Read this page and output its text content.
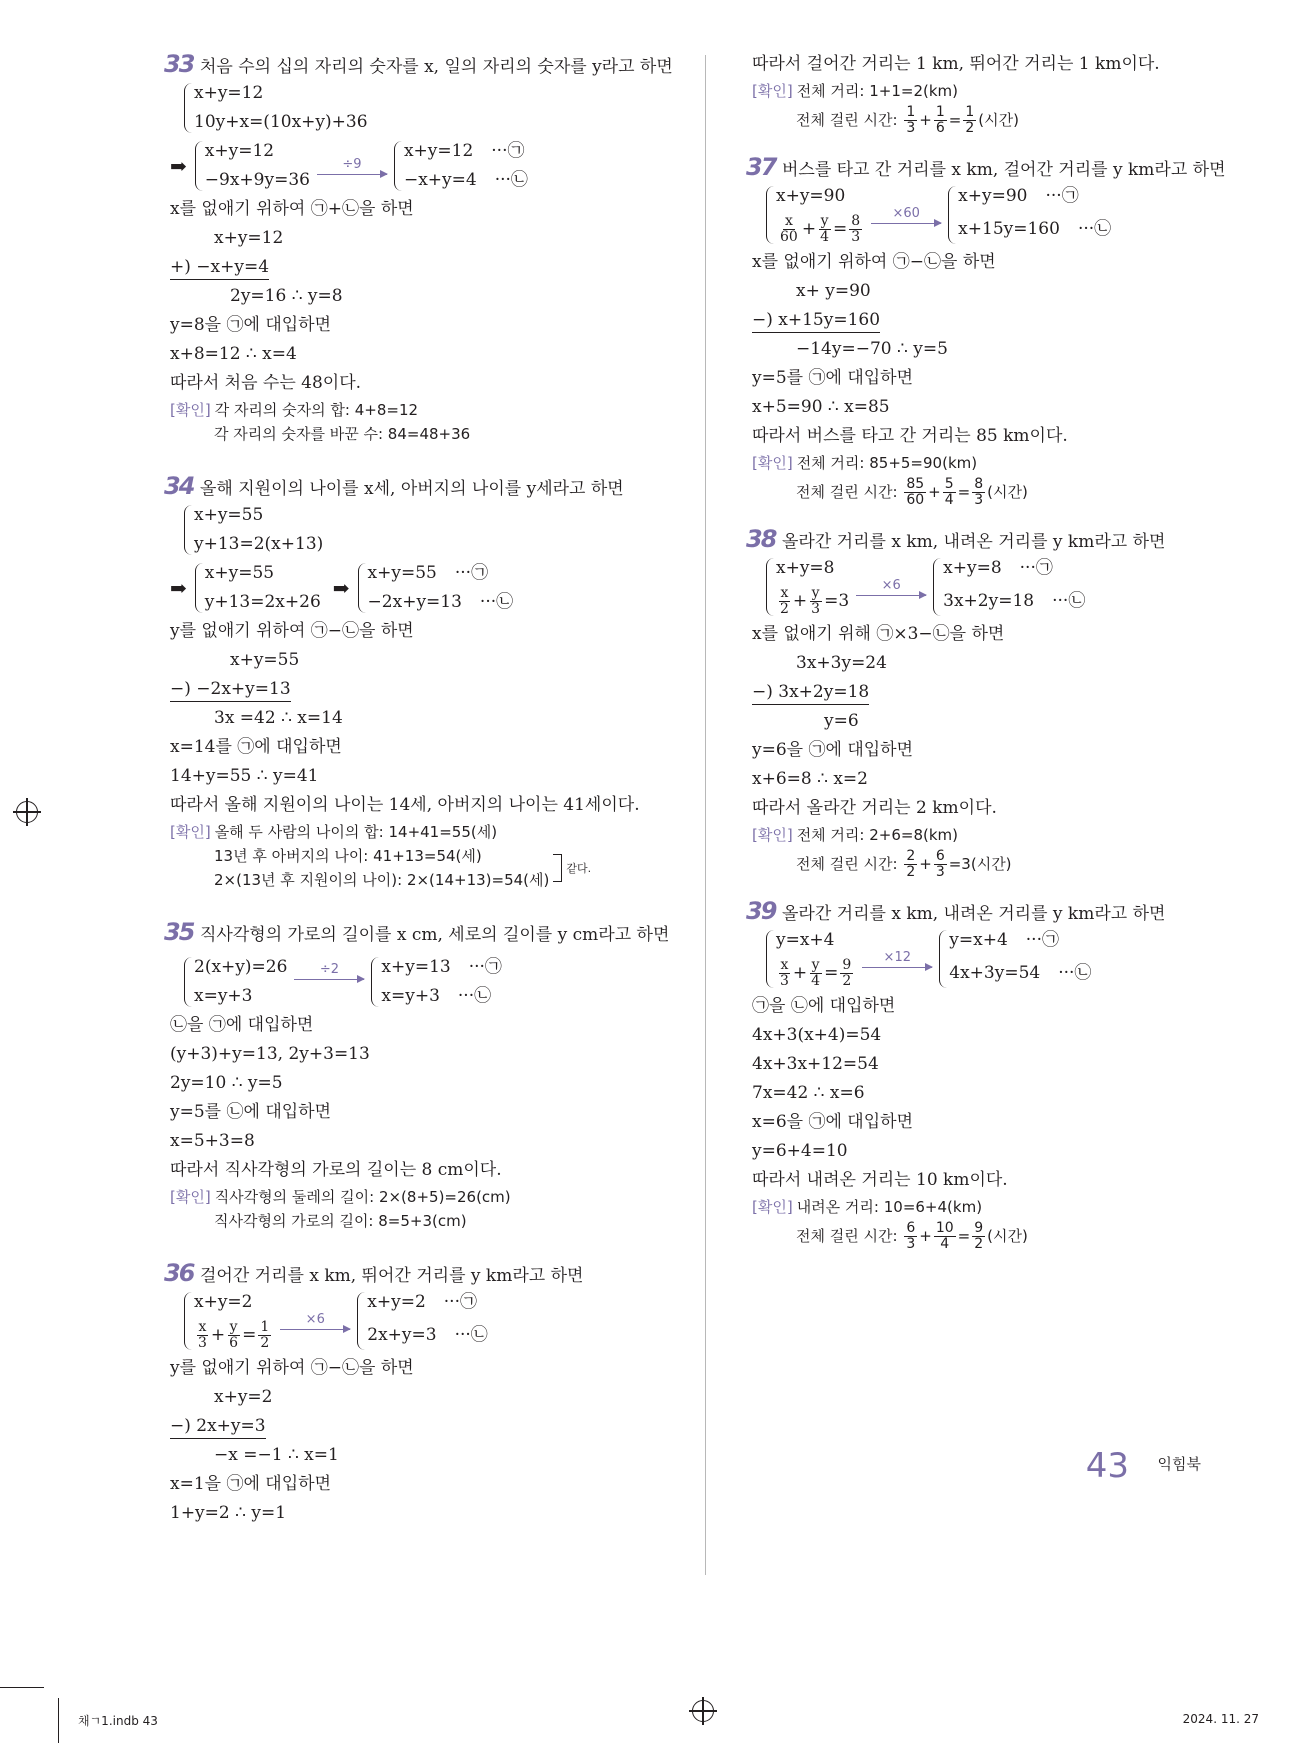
33 처음 수의 십의 자리의 숫자를 x, 일의 자리의 숫자를 y라고 하면
x+y=12
10y+x=(10x+y)+36
➡
x+y=12
−9x+9y=36
÷9
x+y=12 ···㉠
−x+y=4 ···㉡
x를 없애기 위하여 ㉠+㉡을 하면
x+y=12
+) −x+y=4
2y=16 ∴ y=8
y=8을 ㉠에 대입하면
x+8=12 ∴ x=4
따라서 처음 수는 48이다.
[확인] 각 자리의 숫자의 합: 4+8=12
각 자리의 숫자를 바꾼 수: 84=48+36
34 올해 지원이의 나이를 x세, 아버지의 나이를 y세라고 하면
x+y=55
y+13=2(x+13)
➡
x+y=55
y+13=2x+26
➡
x+y=55 ···㉠
−2x+y=13 ···㉡
y를 없애기 위하여 ㉠−㉡을 하면
x+y=55
−) −2x+y=13
3x =42 ∴ x=14
x=14를 ㉠에 대입하면
14+y=55 ∴ y=41
따라서 올해 지원이의 나이는 14세, 아버지의 나이는 41세이다.
[확인] 올해 두 사람의 나이의 합: 14+41=55(세)
13년 후 아버지의 나이: 41+13=54(세)
2×(13년 후 지원이의 나이): 2×(14+13)=54(세)
같다.
35 직사각형의 가로의 길이를 x cm, 세로의 길이를 y cm라고 하면
2(x+y)=26
x=y+3
÷2	x+y=13 ···㉠
x=y+3 ···㉡
㉡을 ㉠에 대입하면
(y+3)+y=13, 2y+3=13
2y=10 ∴ y=5
y=5를 ㉡에 대입하면
x=5+3=8
따라서 직사각형의 가로의 길이는 8 cm이다.
[확인] 직사각형의 둘레의 길이: 2×(8+5)=26(cm)
직사각형의 가로의 길이: 8=5+3(cm)
36 걸어간 거리를 x km, 뛰어간 거리를 y km라고 하면
x+y=2
$\frac{x}{3} + \frac{y}{6} = \frac{1}{2}$
×6
x+y=2 ···㉠
2x+y=3 ···㉡
y를 없애기 위하여 ㉠−㉡을 하면
x+y=2
−) 2x+y=3
−x =−1 ∴ x=1
x=1을 ㉠에 대입하면
1+y=2 ∴ y=1
따라서 걸어간 거리는 1 km, 뛰어간 거리는 1 km이다.
[확인] 전체 거리: 1+1=2(km)
전체 걸린 시간: $\frac{1}{3} + \frac{1}{6} = \frac{1}{2}$ (시간)
37 버스를 타고 간 거리를 x km, 걸어간 거리를 y km라고 하면
x+y=90
$\frac{x}{60} + \frac{y}{4} = \frac{8}{3}$
×60
x+y=90 ···㉠
x+15y=160 ···㉡
x를 없애기 위하여 ㉠−㉡을 하면
x+ y=90
−) x+15y=160
−14y=−70 ∴ y=5
y=5를 ㉠에 대입하면
x+5=90 ∴ x=85
따라서 버스를 타고 간 거리는 85 km이다.
[확인] 전체 거리: 85+5=90(km)
전체 걸린 시간: $\frac{85}{60} + \frac{5}{4} = \frac{8}{3}$ (시간)
38 올라간 거리를 x km, 내려온 거리를 y km라고 하면
x+y=8
$\frac{x}{2} + \frac{y}{3} =3$
×6
x+y=8 ···㉠
3x+2y=18 ···㉡
x를 없애기 위해 ㉠×3−㉡을 하면
3x+3y=24
−) 3x+2y=18
y=6
y=6을 ㉠에 대입하면
x+6=8 ∴ x=2
따라서 올라간 거리는 2 km이다.
[확인] 전체 거리: 2+6=8(km)
전체 걸린 시간: $\frac{2}{2} + \frac{6}{3} =3$(시간)
39 올라간 거리를 x km, 내려온 거리를 y km라고 하면
y=x+4
$\frac{x}{3} + \frac{y}{4} = \frac{9}{2}$
×12
y=x+4 ···㉠
4x+3y=54 ···㉡
㉠을 ㉡에 대입하면
4x+3(x+4)=54
4x+3x+12=54
7x=42 ∴ x=6
x=6을 ㉠에 대입하면
y=6+4=10
따라서 내려온 거리는 10 km이다.
[확인] 내려온 거리: 10=6+4(km)
전체 걸린 시간: $\frac{6}{3} + \frac{10}{4} = \frac{9}{2}$ (시간)
익힘북
43
채ㄱ1.indb 43	2024. 11. 27
